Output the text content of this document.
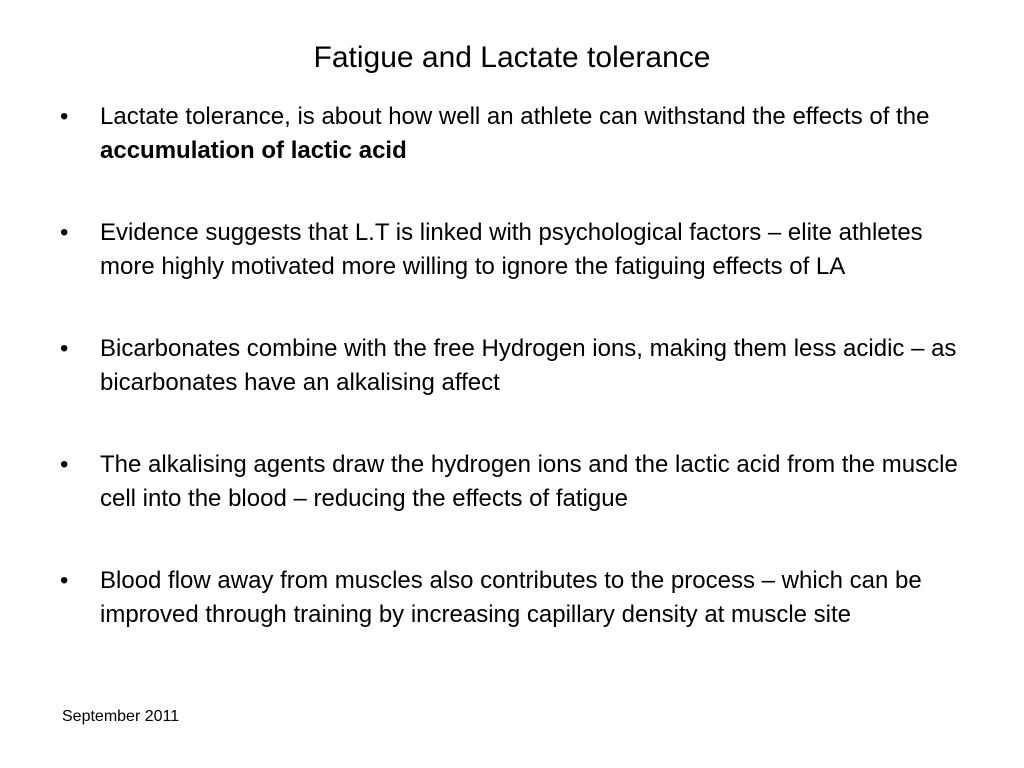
Fatigue and Lactate tolerance
•	Lactate tolerance, is about how well an athlete can withstand the effects of the accumulation of lactic acid
•	Evidence suggests that L.T is linked with psychological factors – elite athletes more highly motivated more willing to ignore the fatiguing effects of LA
•	Bicarbonates combine with the free Hydrogen ions, making them less acidic – as bicarbonates have an alkalising affect
•	The alkalising agents draw the hydrogen ions and the lactic acid from the muscle cell into the blood – reducing the effects of fatigue
•	Blood flow away from muscles also contributes to the process – which can be improved through training by increasing capillary density at muscle site
September 2011
